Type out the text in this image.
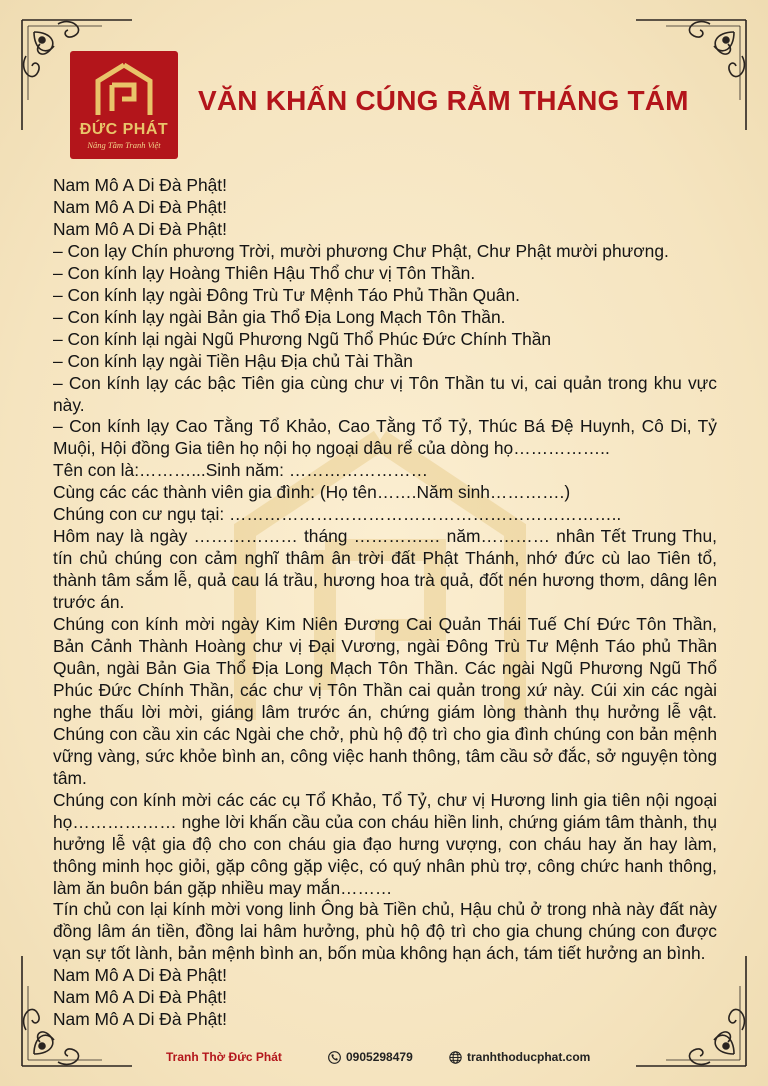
ĐỨC PHÁT
Nâng Tầm Tranh Việt
VĂN KHẤN CÚNG RẰM THÁNG TÁM
Nam Mô A Di Đà Phật!
Nam Mô A Di Đà Phật!
Nam Mô A Di Đà Phật!
– Con lạy Chín phương Trời, mười phương Chư Phật, Chư Phật mười phương.
– Con kính lạy Hoàng Thiên Hậu Thổ chư vị Tôn Thần.
– Con kính lạy ngài Đông Trù Tư Mệnh Táo Phủ Thần Quân.
– Con kính lạy ngài Bản gia Thổ Địa Long Mạch Tôn Thần.
– Con kính lại ngài Ngũ Phương Ngũ Thổ Phúc Đức Chính Thần
– Con kính lạy ngài Tiền Hậu Địa chủ Tài Thần
– Con kính lạy các bậc Tiên gia cùng chư vị Tôn Thần tu vi, cai quản trong khu vực này.
– Con kính lạy Cao Tằng Tổ Khảo, Cao Tằng Tổ Tỷ, Thúc Bá Đệ Huynh, Cô Di, Tỷ Muội, Hội đồng Gia tiên họ nội họ ngoại dâu rể của dòng họ……………..
Tên con là:………...Sinh năm: ……………………
Cùng các các thành viên gia đình: (Họ tên…….Năm sinh………….)
Chúng con cư ngụ tại: …………………………………………………………..
Hôm nay là ngày ……………… tháng …………… năm………… nhân Tết Trung Thu, tín chủ chúng con cảm nghĩ thâm ân trời đất Phật Thánh, nhớ đức cù lao Tiên tổ, thành tâm sắm lễ, quả cau lá trầu, hương hoa trà quả, đốt nén hương thơm, dâng lên trước án.
Chúng con kính mời ngày Kim Niên Đương Cai Quản Thái Tuế Chí Đức Tôn Thần, Bản Cảnh Thành Hoàng chư vị Đại Vương, ngài Đông Trù Tư Mệnh Táo phủ Thần Quân, ngài Bản Gia Thổ Địa Long Mạch Tôn Thần. Các ngài Ngũ Phương Ngũ Thổ Phúc Đức Chính Thần, các chư vị Tôn Thần cai quản trong xứ này. Cúi xin các ngài nghe thấu lời mời, giáng lâm trước án, chứng giám lòng thành thụ hưởng lễ vật. Chúng con cầu xin các Ngài che chở, phù hộ độ trì cho gia đình chúng con bản mệnh vững vàng, sức khỏe bình an, công việc hanh thông, tâm cầu sở đắc, sở nguyện tòng tâm.
Chúng con kính mời các các cụ Tổ Khảo, Tổ Tỷ, chư vị Hương linh gia tiên nội ngoại họ……………… nghe lời khấn cầu của con cháu hiền linh, chứng giám tâm thành, thụ hưởng lễ vật gia độ cho con cháu gia đạo hưng vượng, con cháu hay ăn hay làm, thông minh học giỏi, gặp công gặp việc, có quý nhân phù trợ, công chức hanh thông, làm ăn buôn bán gặp nhiều may mắn………
Tín chủ con lại kính mời vong linh Ông bà Tiền chủ, Hậu chủ ở trong nhà này đất này đồng lâm án tiền, đồng lai hâm hưởng, phù hộ độ trì cho gia chung chúng con được vạn sự tốt lành, bản mệnh bình an, bốn mùa không hạn ách, tám tiết hưởng an bình.
Nam Mô A Di Đà Phật!
Nam Mô A Di Đà Phật!
Nam Mô A Di Đà Phật!
Tranh Thờ Đức Phát	0905298479	tranhthoducphat.com
